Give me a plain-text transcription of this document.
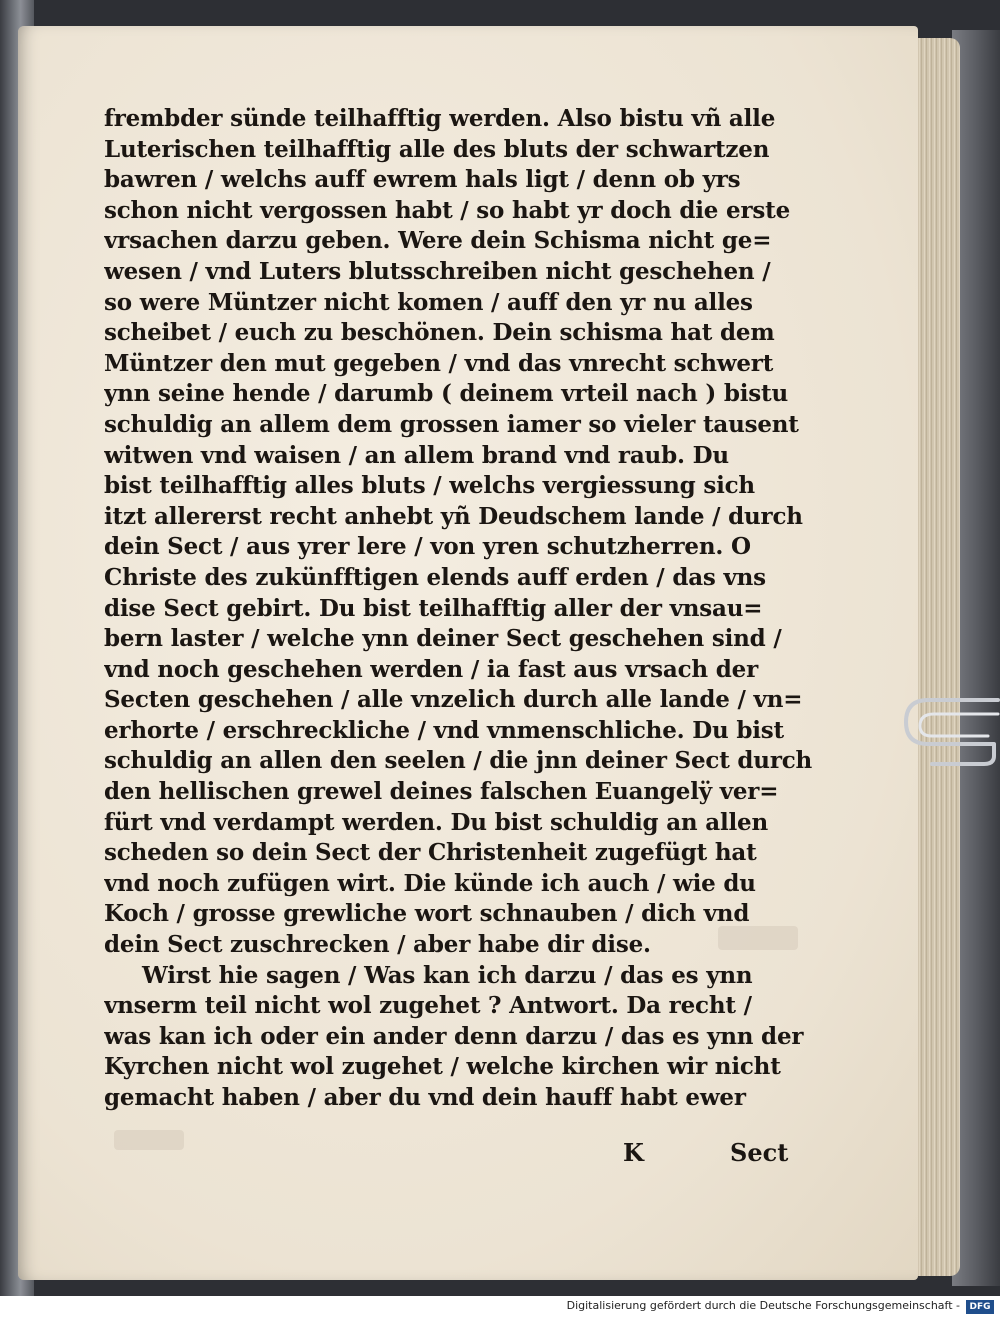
frembder sünde teilhafftig werden. Also bistu vñ alle
Luterischen teilhafftig alle des bluts der schwartzen
bawren / welchs auff ewrem hals ligt / denn ob yrs
schon nicht vergossen habt / so habt yr doch die erste
vrsachen darzu geben. Were dein Schisma nicht ge=
wesen / vnd Luters blutsschreiben nicht geschehen /
so were Müntzer nicht komen / auff den yr nu alles
scheibet / euch zu beschönen. Dein schisma hat dem
Müntzer den mut gegeben / vnd das vnrecht schwert
ynn seine hende / darumb ( deinem vrteil nach ) bistu
schuldig an allem dem grossen iamer so vieler tausent
witwen vnd waisen / an allem brand vnd raub. Du
bist teilhafftig alles bluts / welchs vergiessung sich
itzt allererst recht anhebt yñ Deudschem lande / durch
dein Sect / aus yrer lere / von yren schutzherren. O
Christe des zukünfftigen elends auff erden / das vns
dise Sect gebirt. Du bist teilhafftig aller der vnsau=
bern laster / welche ynn deiner Sect geschehen sind /
vnd noch geschehen werden / ia fast aus vrsach der
Secten geschehen / alle vnzelich durch alle lande / vn=
erhorte / erschreckliche / vnd vnmenschliche. Du bist
schuldig an allen den seelen / die jnn deiner Sect durch
den hellischen grewel deines falschen Euangelÿ ver=
fürt vnd verdampt werden. Du bist schuldig an allen
scheden so dein Sect der Christenheit zugefügt hat
vnd noch zufügen wirt. Die künde ich auch / wie du
Koch / grosse grewliche wort schnauben / dich vnd
dein Sect zuschrecken / aber habe dir dise.
Wirst hie sagen / Was kan ich darzu / das es ynn
vnserm teil nicht wol zugehet ? Antwort. Da recht /
was kan ich oder ein ander denn darzu / das es ynn der
Kyrchen nicht wol zugehet / welche kirchen wir nicht
gemacht haben / aber du vnd dein hauff habt ewer
K	Sect
Digitalisierung gefördert durch die Deutsche Forschungsgemeinschaft -	DFG
